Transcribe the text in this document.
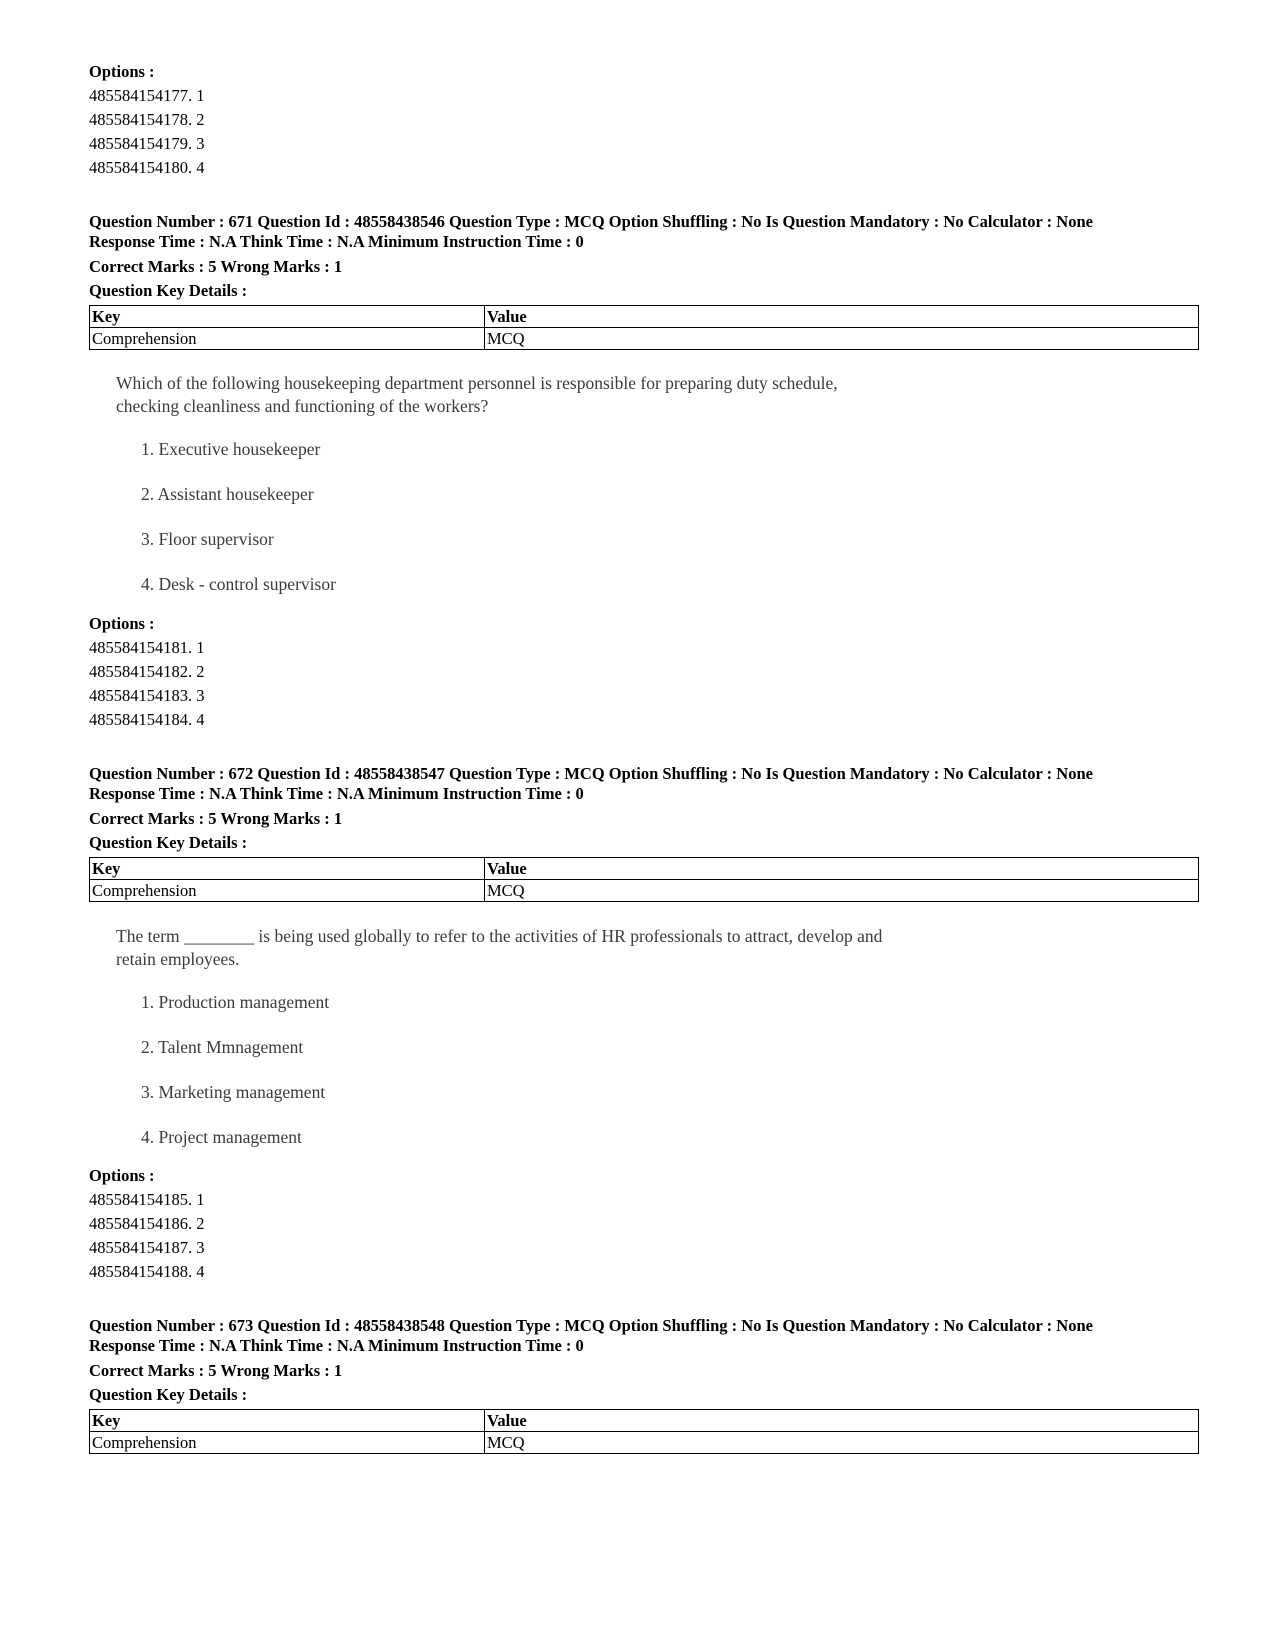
Options :
485584154177. 1
485584154178. 2
485584154179. 3
485584154180. 4
Question Number : 671 Question Id : 48558438546 Question Type : MCQ Option Shuffling : No Is Question Mandatory : No Calculator : None
Response Time : N.A Think Time : N.A Minimum Instruction Time : 0
Correct Marks : 5 Wrong Marks : 1
Question Key Details :
Key	Value
Comprehension	MCQ
Which of the following housekeeping department personnel is responsible for preparing duty schedule,
checking cleanliness and functioning of the workers?
1. Executive housekeeper
2. Assistant housekeeper
3. Floor supervisor
4. Desk - control supervisor
Options :
485584154181. 1
485584154182. 2
485584154183. 3
485584154184. 4
Question Number : 672 Question Id : 48558438547 Question Type : MCQ Option Shuffling : No Is Question Mandatory : No Calculator : None
Response Time : N.A Think Time : N.A Minimum Instruction Time : 0
Correct Marks : 5 Wrong Marks : 1
Question Key Details :
Key	Value
Comprehension	MCQ
The term ________ is being used globally to refer to the activities of HR professionals to attract, develop and
retain employees.
1. Production management
2. Talent Mmnagement
3. Marketing management
4. Project management
Options :
485584154185. 1
485584154186. 2
485584154187. 3
485584154188. 4
Question Number : 673 Question Id : 48558438548 Question Type : MCQ Option Shuffling : No Is Question Mandatory : No Calculator : None
Response Time : N.A Think Time : N.A Minimum Instruction Time : 0
Correct Marks : 5 Wrong Marks : 1
Question Key Details :
Key	Value
Comprehension	MCQ
